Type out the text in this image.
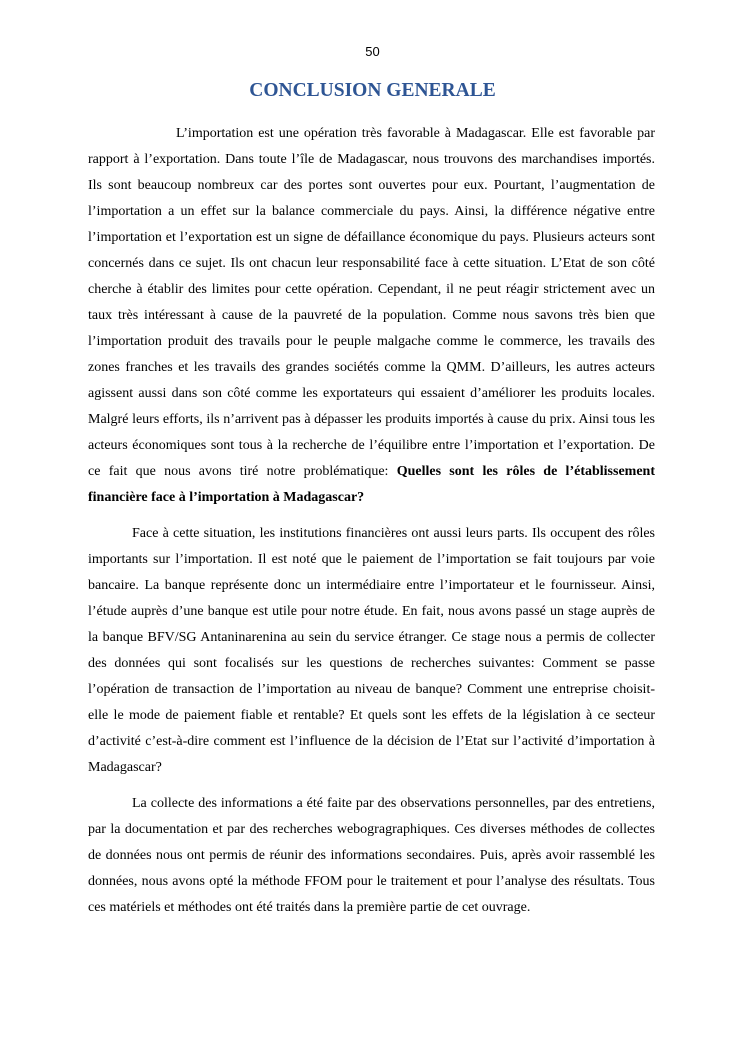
50

CONCLUSION GENERALE

L’importation est une opération très favorable à Madagascar. Elle est favorable par rapport à l’exportation. Dans toute l’île de Madagascar, nous trouvons des marchandises importés. Ils sont beaucoup nombreux car des portes sont ouvertes pour eux. Pourtant, l’augmentation de l’importation a un effet sur la balance commerciale du pays. Ainsi, la différence négative entre l’importation et l’exportation est un signe de défaillance économique du pays. Plusieurs acteurs sont concernés dans ce sujet. Ils ont chacun leur responsabilité face à cette situation. L’Etat de son côté cherche à établir des limites pour cette opération. Cependant, il ne peut réagir strictement avec un taux très intéressant à cause de la pauvreté de la population. Comme nous savons très bien que l’importation produit des travails pour le peuple malgache comme le commerce, les travails des zones franches et les travails des grandes sociétés comme la QMM. D’ailleurs, les autres acteurs agissent aussi dans son côté comme les exportateurs qui essaient d’améliorer les produits locales. Malgré leurs efforts, ils n’arrivent pas à dépasser les produits importés à cause du prix. Ainsi tous les acteurs économiques sont tous à la recherche de l’équilibre entre l’importation et l’exportation. De ce fait que nous avons tiré notre problématique: Quelles sont les rôles de l’établissement financière face à l’importation à Madagascar?

Face à cette situation, les institutions financières ont aussi leurs parts. Ils occupent des rôles importants sur l’importation. Il est noté que le paiement de l’importation se fait toujours par voie bancaire. La banque représente donc un intermédiaire entre l’importateur et le fournisseur. Ainsi, l’étude auprès d’une banque est utile pour notre étude. En fait, nous avons passé un stage auprès de la banque BFV/SG Antaninarenina au sein du service étranger. Ce stage nous a permis de collecter des données qui sont focalisés sur les questions de recherches suivantes: Comment se passe l’opération de transaction de l’importation au niveau de banque? Comment une entreprise choisit-elle le mode de paiement fiable et rentable? Et quels sont les effets de la législation à ce secteur d’activité c’est-à-dire comment est l’influence de la décision de l’Etat sur l’activité d’importation à Madagascar?

La collecte des informations a été faite par des observations personnelles, par des entretiens, par la documentation et par des recherches webogragraphiques. Ces diverses méthodes de collectes de données nous ont permis de réunir des informations secondaires. Puis, après avoir rassemblé les données, nous avons opté la méthode FFOM pour le traitement et pour l’analyse des résultats. Tous ces matériels et méthodes ont été traités dans la première partie de cet ouvrage.
